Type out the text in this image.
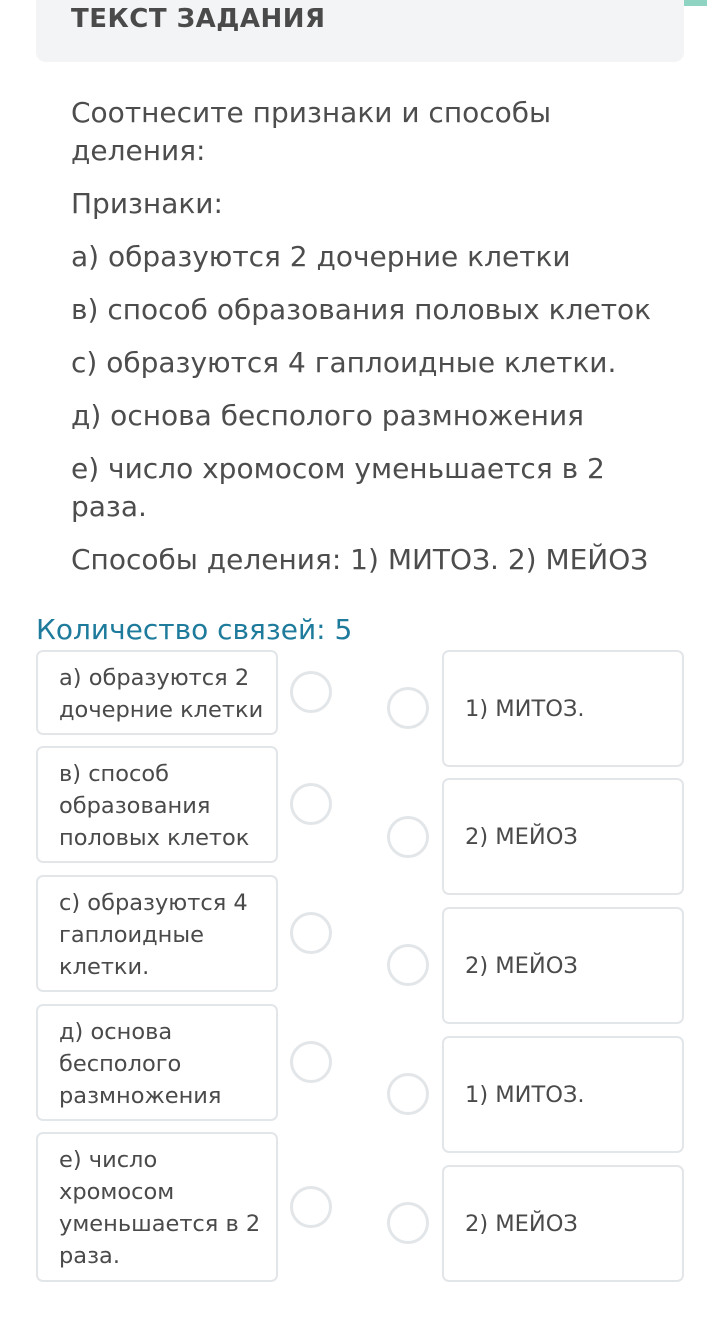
ТЕКСТ ЗАДАНИЯ

Соотнесите признаки и способы деления:

Признаки:

а) образуются 2 дочерние клетки

в) способ образования половых клеток

с) образуются 4 гаплоидные клетки.

д) основа бесполого размножения

е) число хромосом уменьшается в 2 раза.

Способы деления: 1) МИТОЗ. 2) МЕЙОЗ

Количество связей: 5
а) образуются 2 дочерние клетки
в) способ образования половых клеток
с) образуются 4 гаплоидные клетки.
д) основа бесполого размножения
е) число хромосом уменьшается в 2 раза.
1) МИТОЗ.
2) МЕЙОЗ
2) МЕЙОЗ
1) МИТОЗ.
2) МЕЙОЗ
